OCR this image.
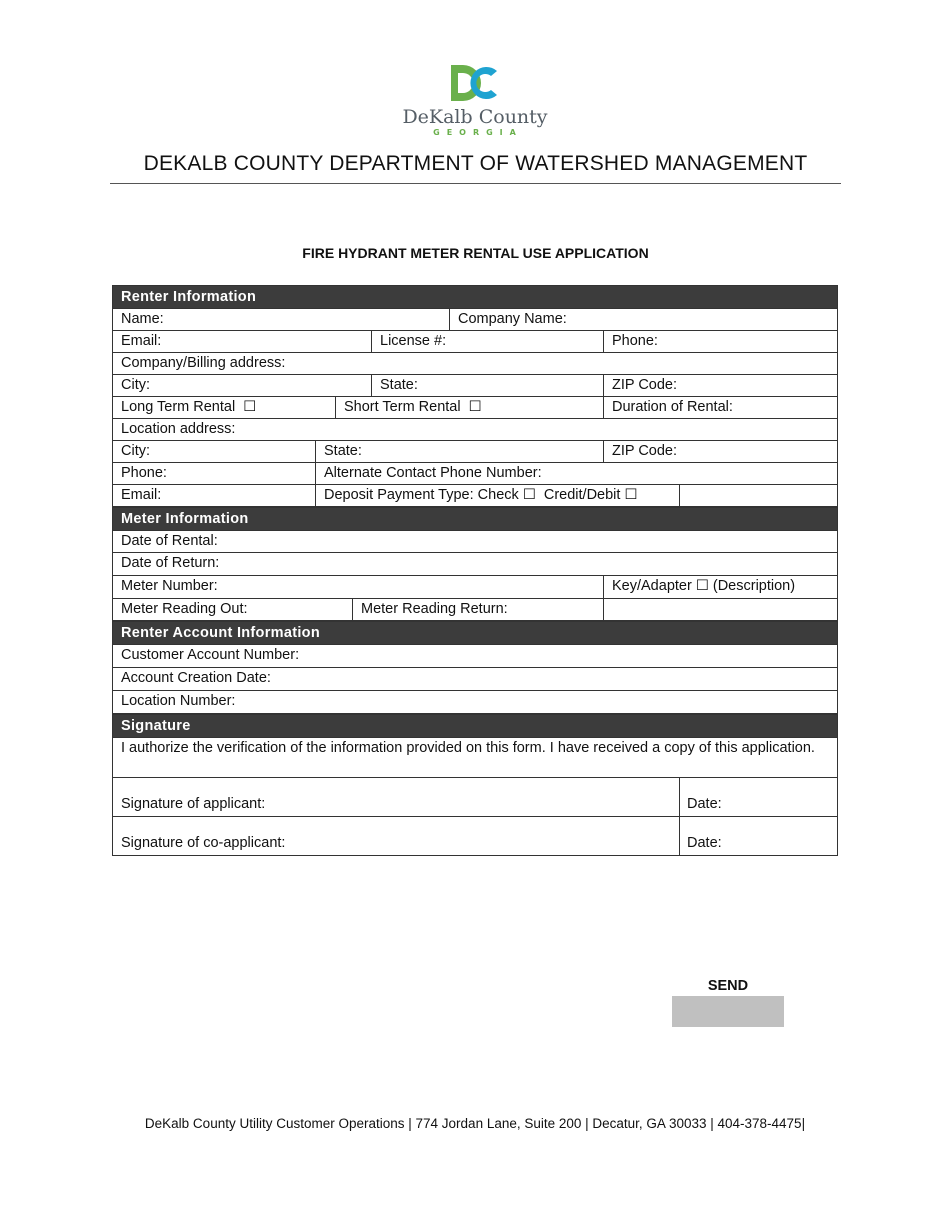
DeKalb County
GEORGIA
DEKALB COUNTY DEPARTMENT OF WATERSHED MANAGEMENT
FIRE HYDRANT METER RENTAL USE APPLICATION
Renter Information
Name:	Company Name:
Email:	License #:	Phone:
Company/Billing address:
City:	State:	ZIP Code:
Long Term Rental ☐	Short Term Rental ☐	Duration of Rental:
Location address:
City:	State:	ZIP Code:
Phone:	Alternate Contact Phone Number:
Email:	Deposit Payment Type: Check ☐ Credit/Debit ☐
Meter Information
Date of Rental:
Date of Return:
Meter Number:	Key/Adapter ☐ (Description)
Meter Reading Out:	Meter Reading Return:
Renter Account Information
Customer Account Number:
Account Creation Date:
Location Number:
Signature
I authorize the verification of the information provided on this form. I have received a copy of this application.
Signature of applicant:	Date:
Signature of co-applicant:	Date:
SEND
DeKalb County Utility Customer Operations | 774 Jordan Lane, Suite 200 | Decatur, GA 30033 | 404-378-4475|
